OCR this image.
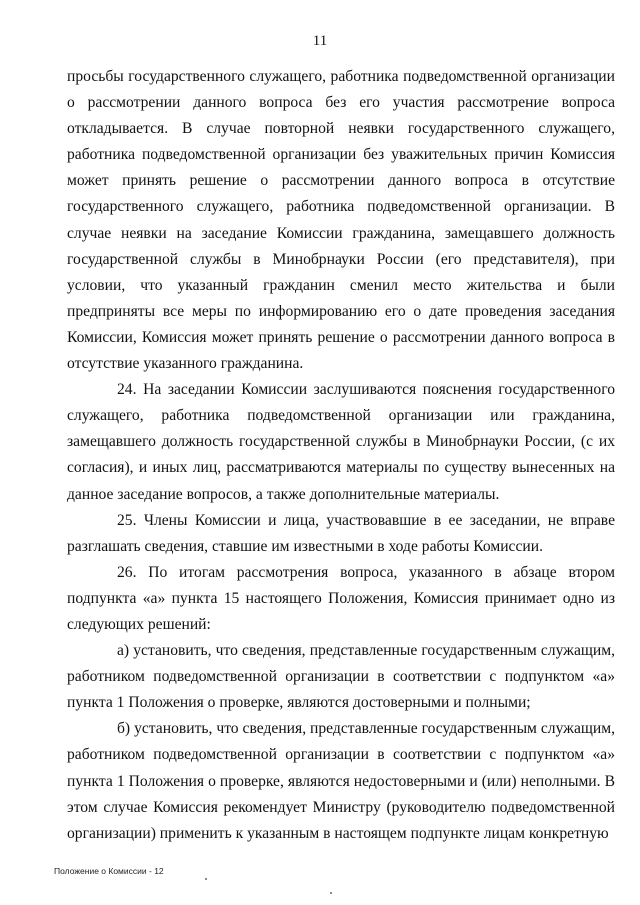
11

просьбы государственного служащего, работника подведомственной организации о рассмотрении данного вопроса без его участия рассмотрение вопроса откладывается. В случае повторной неявки государственного служащего, работника подведомственной организации без уважительных причин Комиссия может принять решение о рассмотрении данного вопроса в отсутствие государственного служащего, работника подведомственной организации. В случае неявки на заседание Комиссии гражданина, замещавшего должность государственной службы в Минобрнауки России (его представителя), при условии, что указанный гражданин сменил место жительства и были предприняты все меры по информированию его о дате проведения заседания Комиссии, Комиссия может принять решение о рассмотрении данного вопроса в отсутствие указанного гражданина.

24. На заседании Комиссии заслушиваются пояснения государственного служащего, работника подведомственной организации или гражданина, замещавшего должность государственной службы в Минобрнауки России, (с их согласия), и иных лиц, рассматриваются материалы по существу вынесенных на данное заседание вопросов, а также дополнительные материалы.

25. Члены Комиссии и лица, участвовавшие в ее заседании, не вправе разглашать сведения, ставшие им известными в ходе работы Комиссии.

26. По итогам рассмотрения вопроса, указанного в абзаце втором подпункта «а» пункта 15 настоящего Положения, Комиссия принимает одно из следующих решений:

а) установить, что сведения, представленные государственным служащим, работником подведомственной организации в соответствии с подпунктом «а» пункта 1 Положения о проверке, являются достоверными и полными;

б) установить, что сведения, представленные государственным служащим, работником подведомственной организации в соответствии с подпунктом «а» пункта 1 Положения о проверке, являются недостоверными и (или) неполными. В этом случае Комиссия рекомендует Министру (руководителю подведомственной организации) применить к указанным в настоящем подпункте лицам конкретную

Положение о Комиссии - 12
